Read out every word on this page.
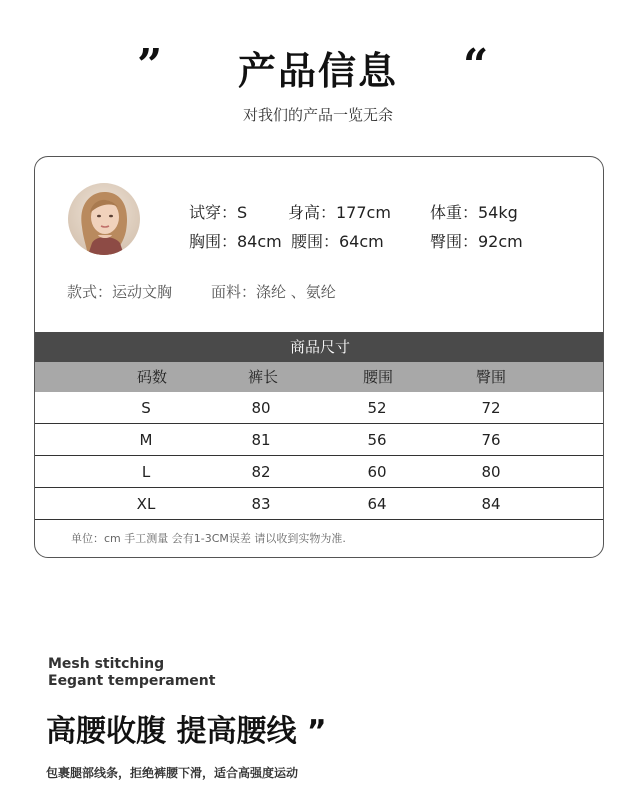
”	产品信息	“
对我们的产品一览无余
试穿：S	身高：177cm 体重：54kg
胸围：84cm 腰围：64cm	臀围：92cm
款式：运动文胸	面料：涤纶 、氨纶
商品尺寸
码数	裤长	腰围	臀围
S	80	52	72
M	81	56	76
L	82	60	80
XL	83	64	84
单位：cm 手工测量 会有1-3CM误差 请以收到实物为准.
Mesh stitching
Eegant temperament
高腰收腹 提高腰线 ”
包裹腿部线条，拒绝裤腰下滑，适合高强度运动
